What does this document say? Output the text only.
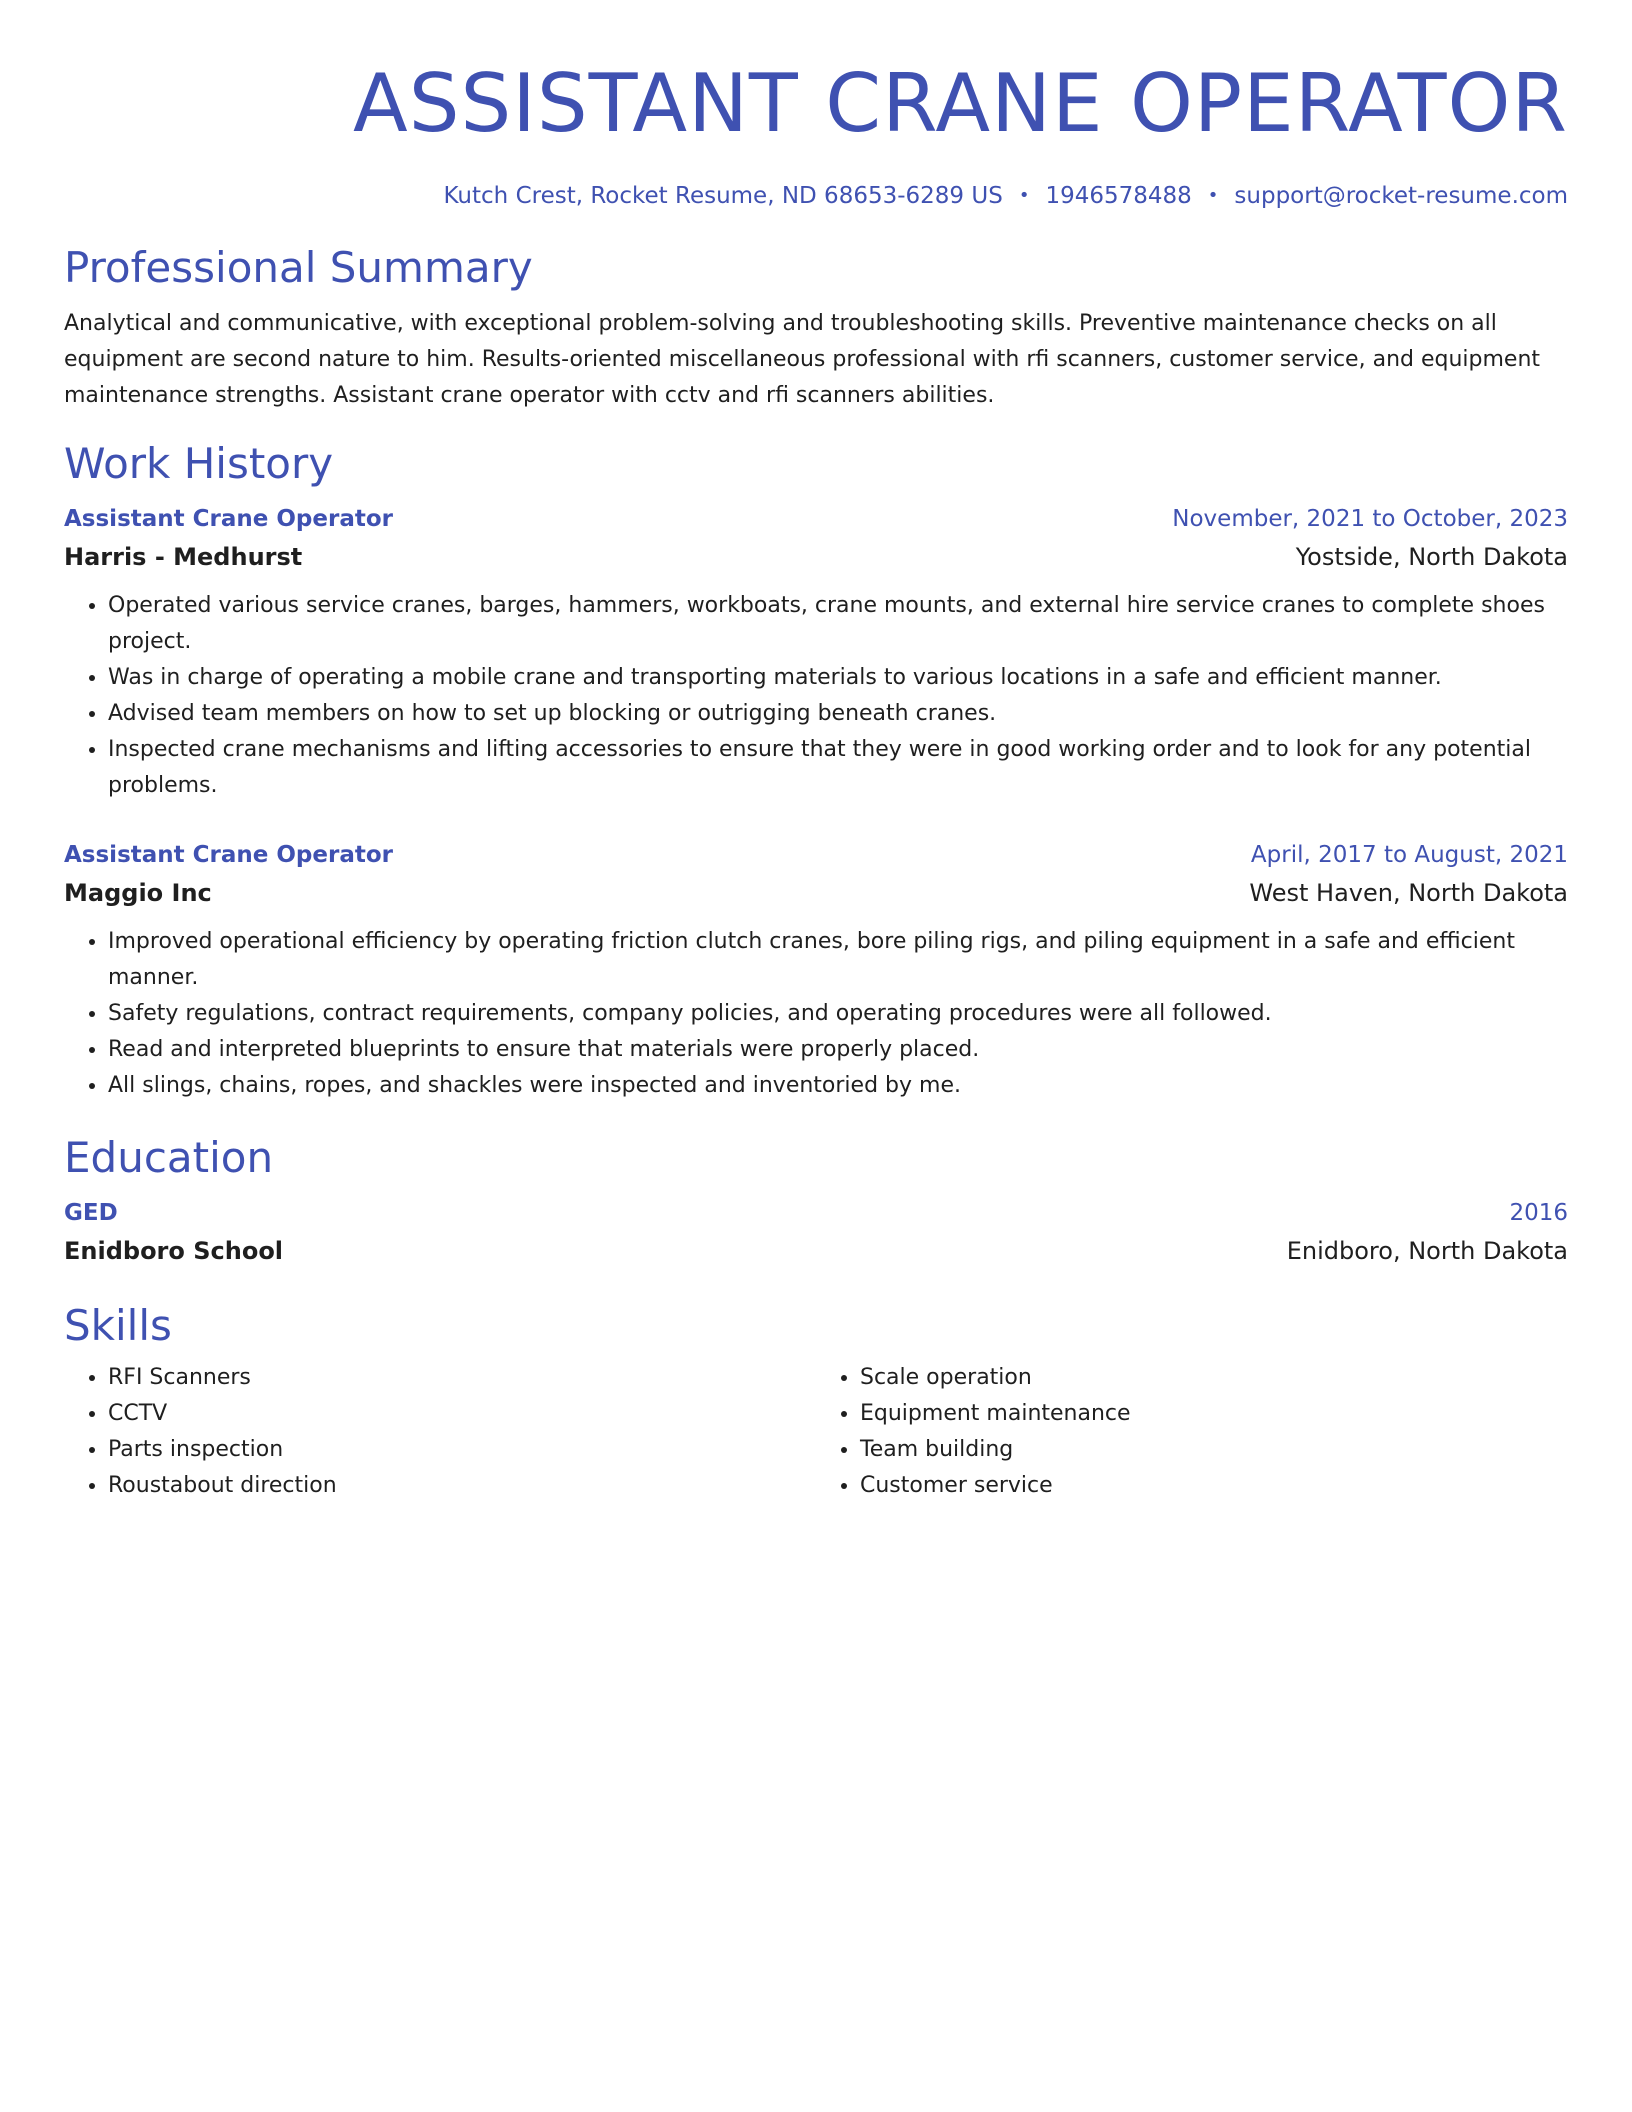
ASSISTANT CRANE OPERATOR
Kutch Crest, Rocket Resume, ND 68653-6289 US • 1946578488 • support@rocket-resume.com
Professional Summary
Analytical and communicative, with exceptional problem-solving and troubleshooting skills. Preventive maintenance checks on all equipment are second nature to him. Results-oriented miscellaneous professional with rfi scanners, customer service, and equipment maintenance strengths. Assistant crane operator with cctv and rfi scanners abilities.
Work History
Assistant Crane Operator	November, 2021 to October, 2023
Harris - Medhurst	Yostside, North Dakota
• Operated various service cranes, barges, hammers, workboats, crane mounts, and external hire service cranes to complete shoes project.
• Was in charge of operating a mobile crane and transporting materials to various locations in a safe and efficient manner.
• Advised team members on how to set up blocking or outrigging beneath cranes.
• Inspected crane mechanisms and lifting accessories to ensure that they were in good working order and to look for any potential problems.
Assistant Crane Operator	April, 2017 to August, 2021
Maggio Inc	West Haven, North Dakota
• Improved operational efficiency by operating friction clutch cranes, bore piling rigs, and piling equipment in a safe and efficient manner.
• Safety regulations, contract requirements, company policies, and operating procedures were all followed.
• Read and interpreted blueprints to ensure that materials were properly placed.
• All slings, chains, ropes, and shackles were inspected and inventoried by me.
Education
GED	2016
Enidboro School	Enidboro, North Dakota
Skills
• RFI Scanners
• CCTV
• Parts inspection
• Roustabout direction
• Scale operation
• Equipment maintenance
• Team building
• Customer service
